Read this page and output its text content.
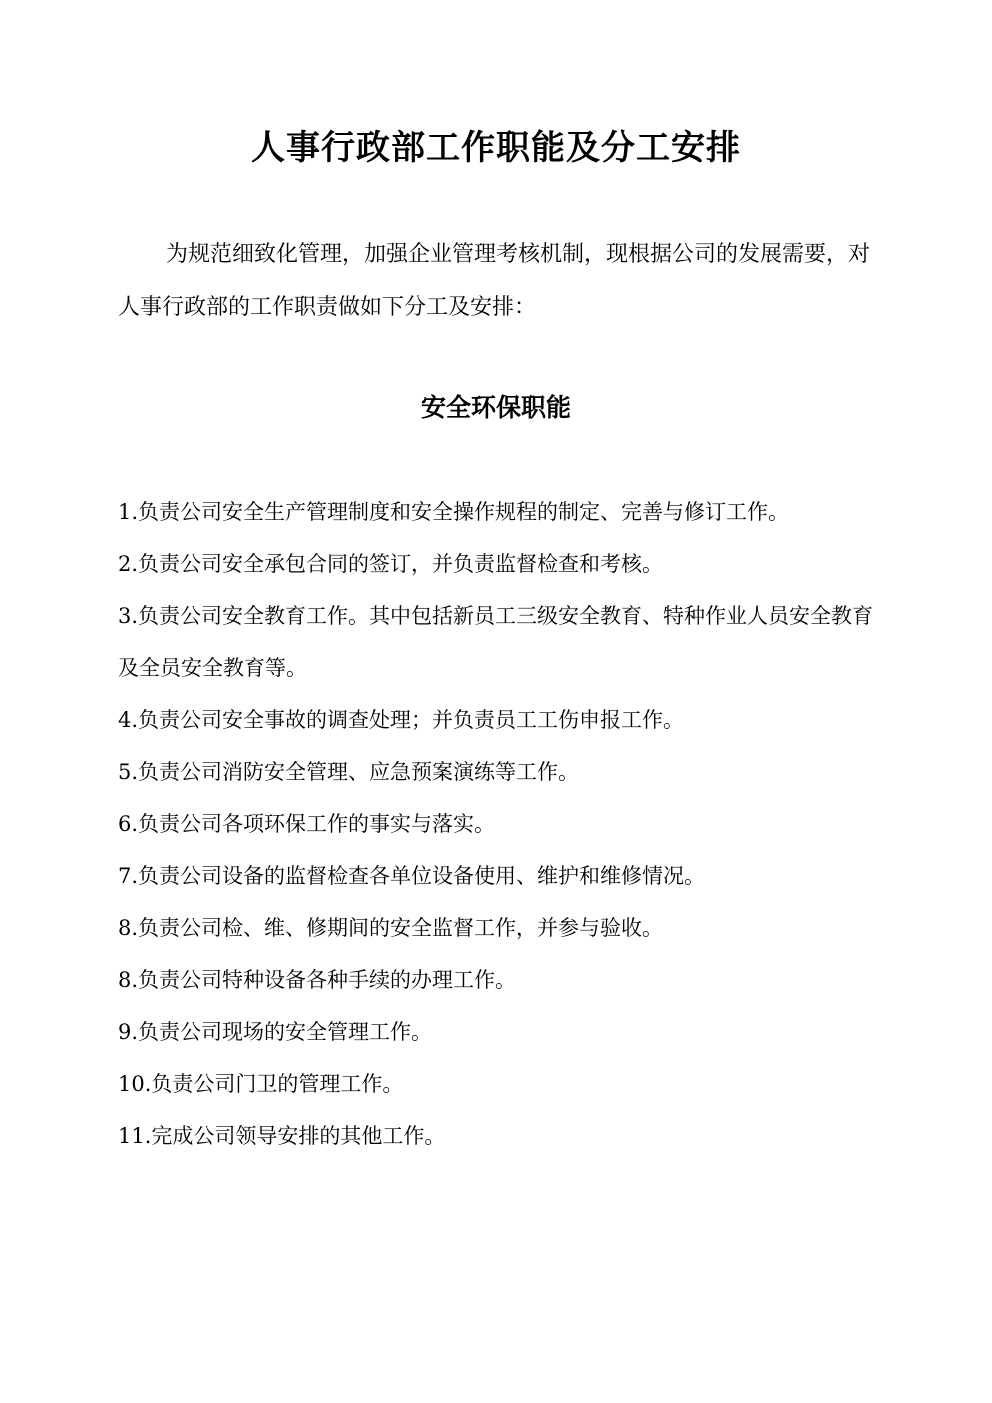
人事行政部工作职能及分工安排

为规范细致化管理，加强企业管理考核机制，现根据公司的发展需要，对人事行政部的工作职责做如下分工及安排：

安全环保职能
1.负责公司安全生产管理制度和安全操作规程的制定、完善与修订工作。
2.负责公司安全承包合同的签订，并负责监督检查和考核。
3.负责公司安全教育工作。其中包括新员工三级安全教育、特种作业人员安全教育及全员安全教育等。
4.负责公司安全事故的调查处理；并负责员工工伤申报工作。
5.负责公司消防安全管理、应急预案演练等工作。
6.负责公司各项环保工作的事实与落实。
7.负责公司设备的监督检查各单位设备使用、维护和维修情况。
8.负责公司检、维、修期间的安全监督工作，并参与验收。
8.负责公司特种设备各种手续的办理工作。
9.负责公司现场的安全管理工作。
10.负责公司门卫的管理工作。
11.完成公司领导安排的其他工作。
